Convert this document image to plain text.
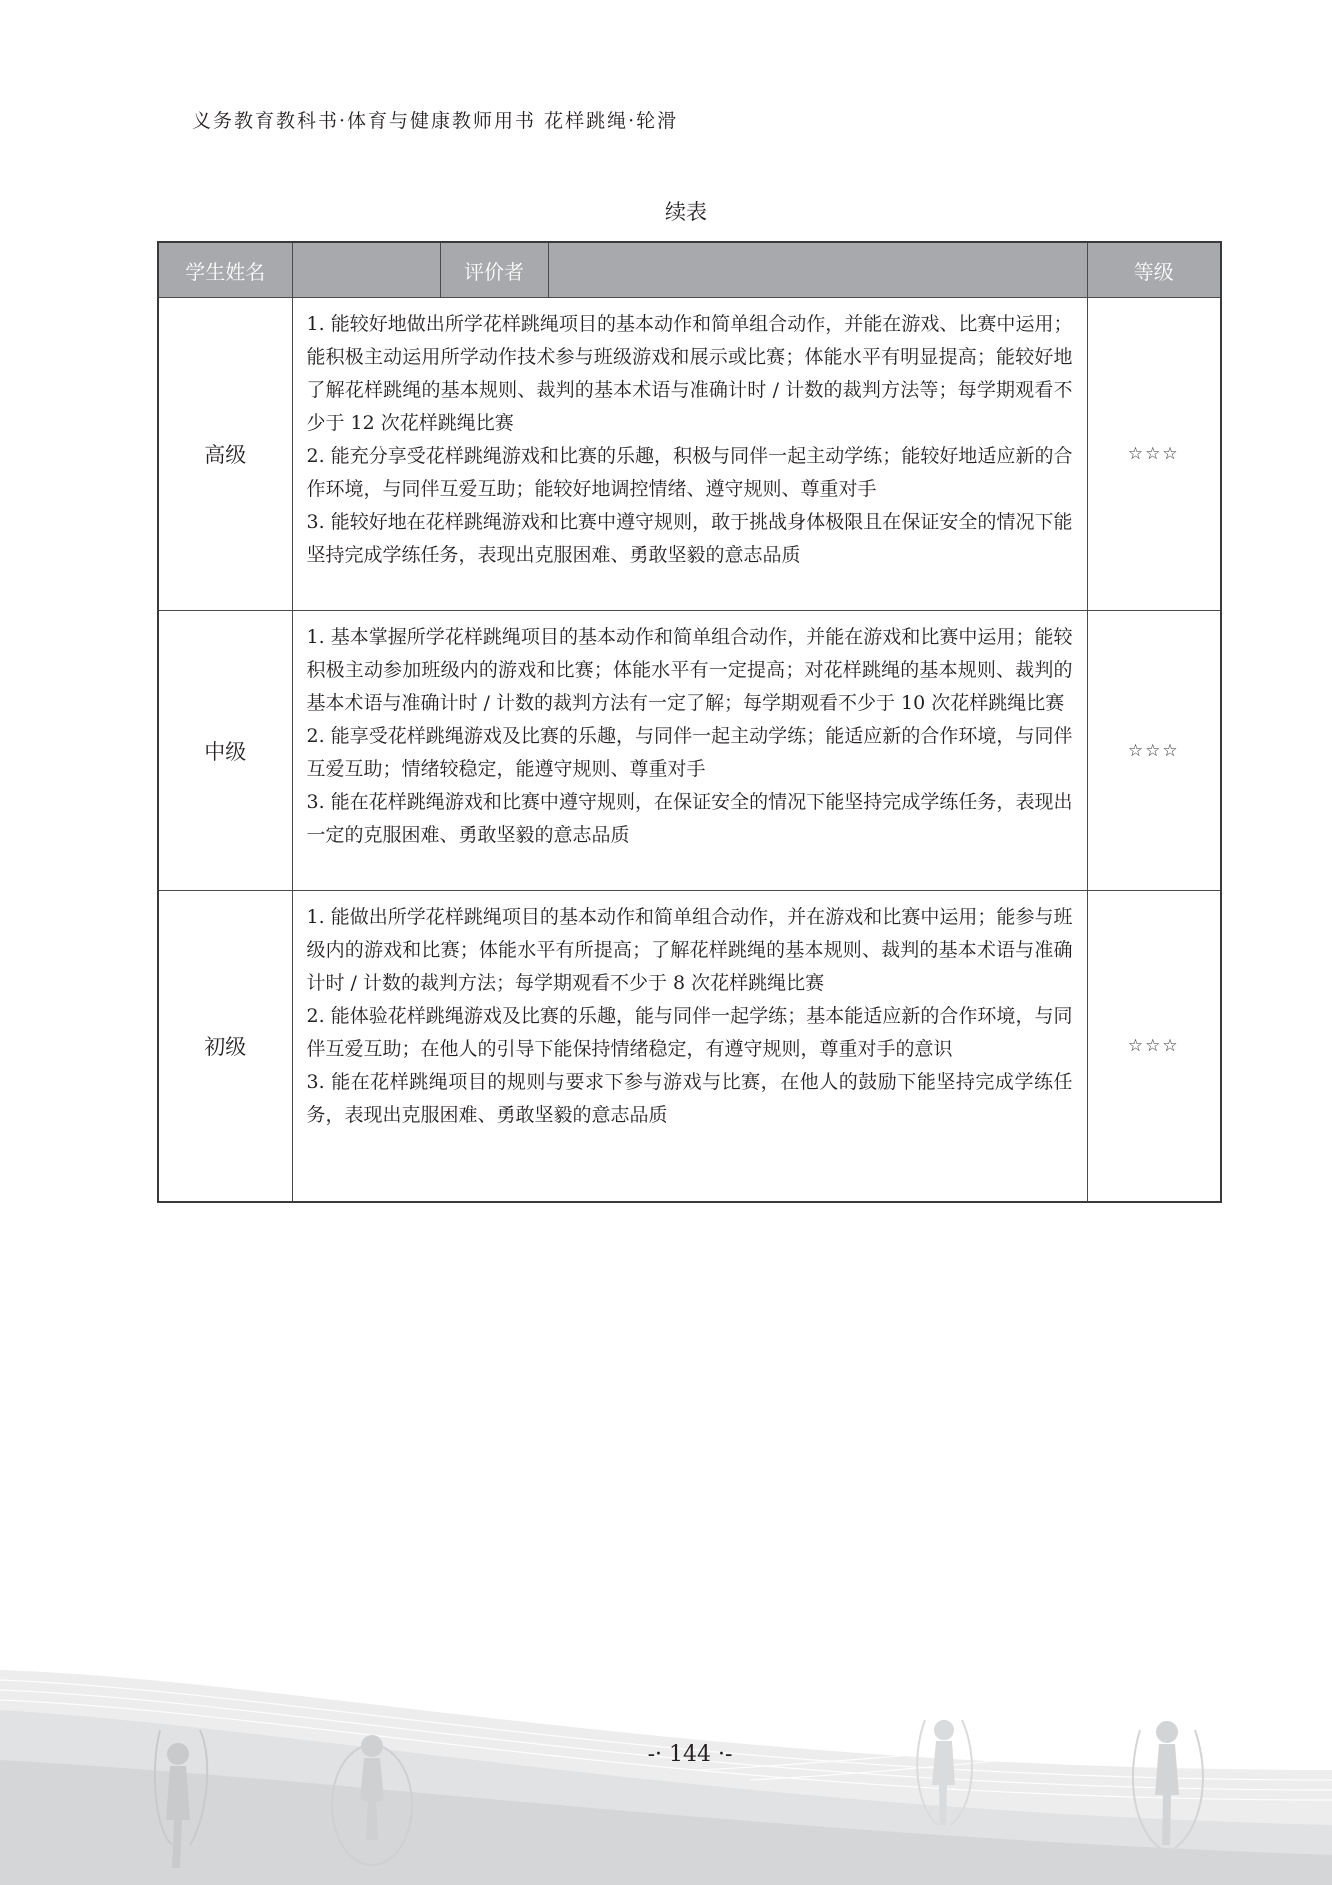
义务教育教科书·体育与健康教师用书 花样跳绳·轮滑
续表
学生姓名		评价者		等级
高级	1. 能较好地做出所学花样跳绳项目的基本动作和简单组合动作，并能在游戏、比赛中运用；能积极主动运用所学动作技术参与班级游戏和展示或比赛；体能水平有明显提高；能较好地了解花样跳绳的基本规则、裁判的基本术语与准确计时 / 计数的裁判方法等；每学期观看不少于 12 次花样跳绳比赛
2. 能充分享受花样跳绳游戏和比赛的乐趣，积极与同伴一起主动学练；能较好地适应新的合作环境，与同伴互爱互助；能较好地调控情绪、遵守规则、尊重对手
3. 能较好地在花样跳绳游戏和比赛中遵守规则，敢于挑战身体极限且在保证安全的情况下能坚持完成学练任务，表现出克服困难、勇敢坚毅的意志品质			☆☆☆
中级	1. 基本掌握所学花样跳绳项目的基本动作和简单组合动作，并能在游戏和比赛中运用；能较积极主动参加班级内的游戏和比赛；体能水平有一定提高；对花样跳绳的基本规则、裁判的基本术语与准确计时 / 计数的裁判方法有一定了解；每学期观看不少于 10 次花样跳绳比赛
2. 能享受花样跳绳游戏及比赛的乐趣，与同伴一起主动学练；能适应新的合作环境，与同伴互爱互助；情绪较稳定，能遵守规则、尊重对手
3. 能在花样跳绳游戏和比赛中遵守规则，在保证安全的情况下能坚持完成学练任务，表现出一定的克服困难、勇敢坚毅的意志品质			☆☆☆
初级	1. 能做出所学花样跳绳项目的基本动作和简单组合动作，并在游戏和比赛中运用；能参与班级内的游戏和比赛；体能水平有所提高；了解花样跳绳的基本规则、裁判的基本术语与准确计时 / 计数的裁判方法；每学期观看不少于 8 次花样跳绳比赛
2. 能体验花样跳绳游戏及比赛的乐趣，能与同伴一起学练；基本能适应新的合作环境，与同伴互爱互助；在他人的引导下能保持情绪稳定，有遵守规则，尊重对手的意识
3. 能在花样跳绳项目的规则与要求下参与游戏与比赛，在他人的鼓励下能坚持完成学练任务，表现出克服困难、勇敢坚毅的意志品质			☆☆☆
-· 144 ·-
